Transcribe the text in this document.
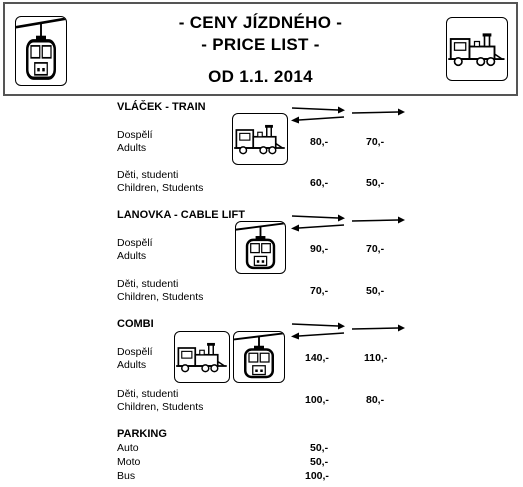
- CENY JÍZDNÉHO -
- PRICE LIST -
OD 1.1. 2014
VLÁČEK - TRAIN
Dospělí
Adults	80,-	70,-
Děti, studenti
Children, Students	60,-	50,-
LANOVKA - CABLE LIFT
Dospělí
Adults
90,-	70,-
Děti, studenti
Children, Students	70,-	50,-
COMBI
Dospělí
Adults
140,-	110,-
Děti, studenti
Children, Students
100,-	80,-
PARKING
Auto	50,-
Moto	50,-
Bus	100,-
